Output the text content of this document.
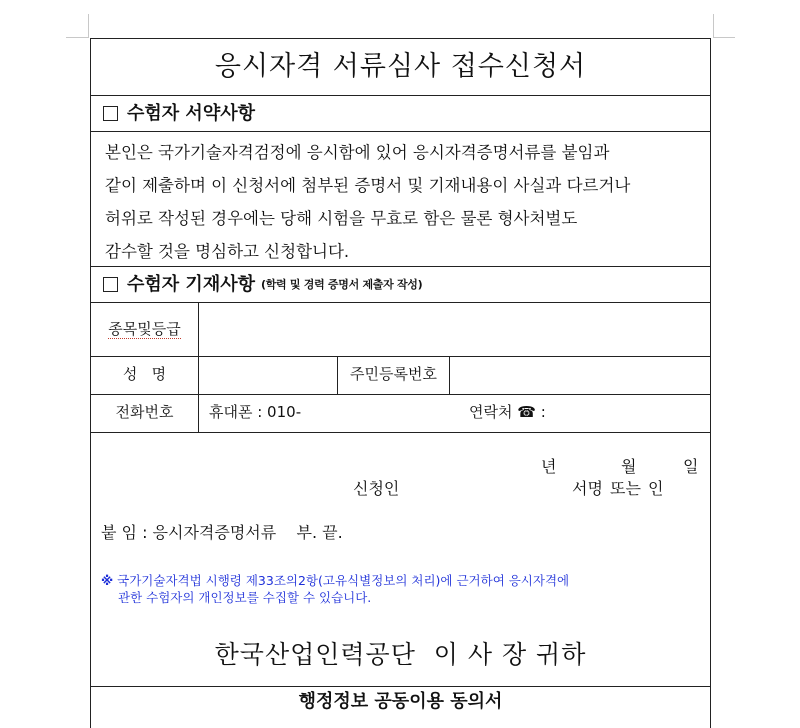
응시자격 서류심사 접수신청서
수험자 서약사항
본인은 국가기술자격검정에 응시함에 있어 응시자격증명서류를 붙임과
같이 제출하며 이 신청서에 첨부된 증명서 및 기재내용이 사실과 다르거나
허위로 작성된 경우에는 당해 시험을 무효로 함은 물론 형사처벌도
감수할 것을 명심하고 신청합니다.
수험자 기재사항 (학력 및 경력 증명서 제출자 작성)
종목및등급
성   명	주민등록번호
전화번호	휴대폰 : 010-	연락처 ☎ :
년	월	일
신청인	서명 또는 인
붙 임 : 응시자격증명서류    부. 끝.
※ 국가기술자격법 시행령 제33조의2항(고유식별정보의 처리)에 근거하여 응시자격에
관한 수험자의 개인정보를 수집할 수 있습니다.
한국산업인력공단  이 사 장 귀하
행정정보 공동이용 동의서
